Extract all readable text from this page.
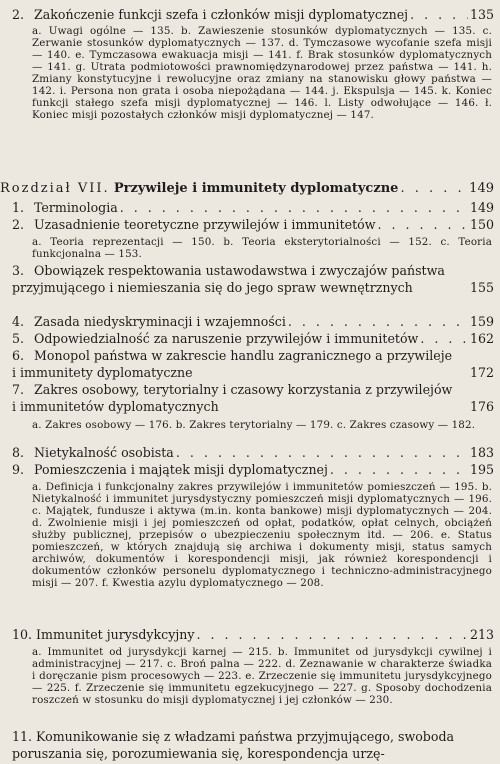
2. Zakończenie funkcji szefa i członków misji dyplomatycznej . . .	135
a. Uwagi ogólne — 135. b. Zawieszenie stosunków dyplomatycznych — 135. c. Zerwanie stosunków dyplomatycznych — 137. d. Tymczasowe wycofanie szefa misji — 140. e. Tymczasowa ewakuacja misji — 141. f. Brak stosunków dyplomatycznych — 141. g. Utrata podmiotowości prawnomiędzynarodowej przez państwa — 141. h. Zmiany konstytucyjne i rewolucyjne oraz zmiany na stanowisku głowy państwa — 142. i. Persona non grata i osoba niepożądana — 144. j. Ekspulsja — 145. k. Koniec funkcji stałego szefa misji dyplomatycznej — 146. l. Listy odwołujące — 146. ł. Koniec misji pozostałych członków misji dyplomatycznej — 147.
Rozdział VII. Przywileje i immunitety dyplomatyczne . . .	149
1. Terminologia . . .	149
2. Uzasadnienie teoretyczne przywilejów i immunitetów . . .	150
a. Teoria reprezentacji — 150. b. Teoria eksterytorialności — 152. c. Teoria funkcjonalna — 153.
3. Obowiązek respektowania ustawodawstwa i zwyczajów państwa przyjmującego i niemieszania się do jego spraw wewnętrznych	155
4. Zasada niedyskryminacji i wzajemności . . .	159
5. Odpowiedzialność za naruszenie przywilejów i immunitetów . . .	162
6. Monopol państwa w zakrescie handlu zagranicznego a przywileje i immunitety dyplomatyczne	172
7. Zakres osobowy, terytorialny i czasowy korzystania z przywilejów i immunitetów dyplomatycznych	176
a. Zakres osobowy — 176. b. Zakres terytorialny — 179. c. Zakres czasowy — 182.
8. Nietykalność osobista . . .	183
9. Pomieszczenia i majątek misji dyplomatycznej . . .	195
a. Definicja i funkcjonalny zakres przywilejów i immunitetów pomieszczeń — 195. b. Nietykalność i immunitet jurysdystyczny pomieszczeń misji dyplomatycznych — 196. c. Majątek, fundusze i aktywa (m.in. konta bankowe) misji dyplomatycznych — 204. d. Zwolnienie misji i jej pomieszczeń od opłat, podatków, opłat celnych, obciążeń służby publicznej, przepisów o ubezpieczeniu społecznym itd. — 206. e. Status pomieszczeń, w których znajdują się archiwa i dokumenty misji, status samych archiwów, dokumentów i korespondencji misji, jak również korespondencji i dokumentów członków personelu dyplomatycznego i techniczno-administracyjnego misji — 207. f. Kwestia azylu dyplomatycznego — 208.
10. Immunitet jurysdykcyjny . . .	213
a. Immunitet od jurysdykcji karnej — 215. b. Immunitet od jurysdykcji cywilnej i administracyjnej — 217. c. Broń palna — 222. d. Zeznawanie w charakterze świadka i doręczanie pism procesowych — 223. e. Zrzeczenie się immunitetu jurysdykcyjnego — 225. f. Zrzeczenie się immunitetu egzekucyjnego — 227. g. Sposoby dochodzenia roszczeń w stosunku do misji dyplomatycznej i jej członków — 230.
11. Komunikowanie się z władzami państwa przyjmującego, swoboda poruszania się, porozumiewania się, korespondencja urzę-
